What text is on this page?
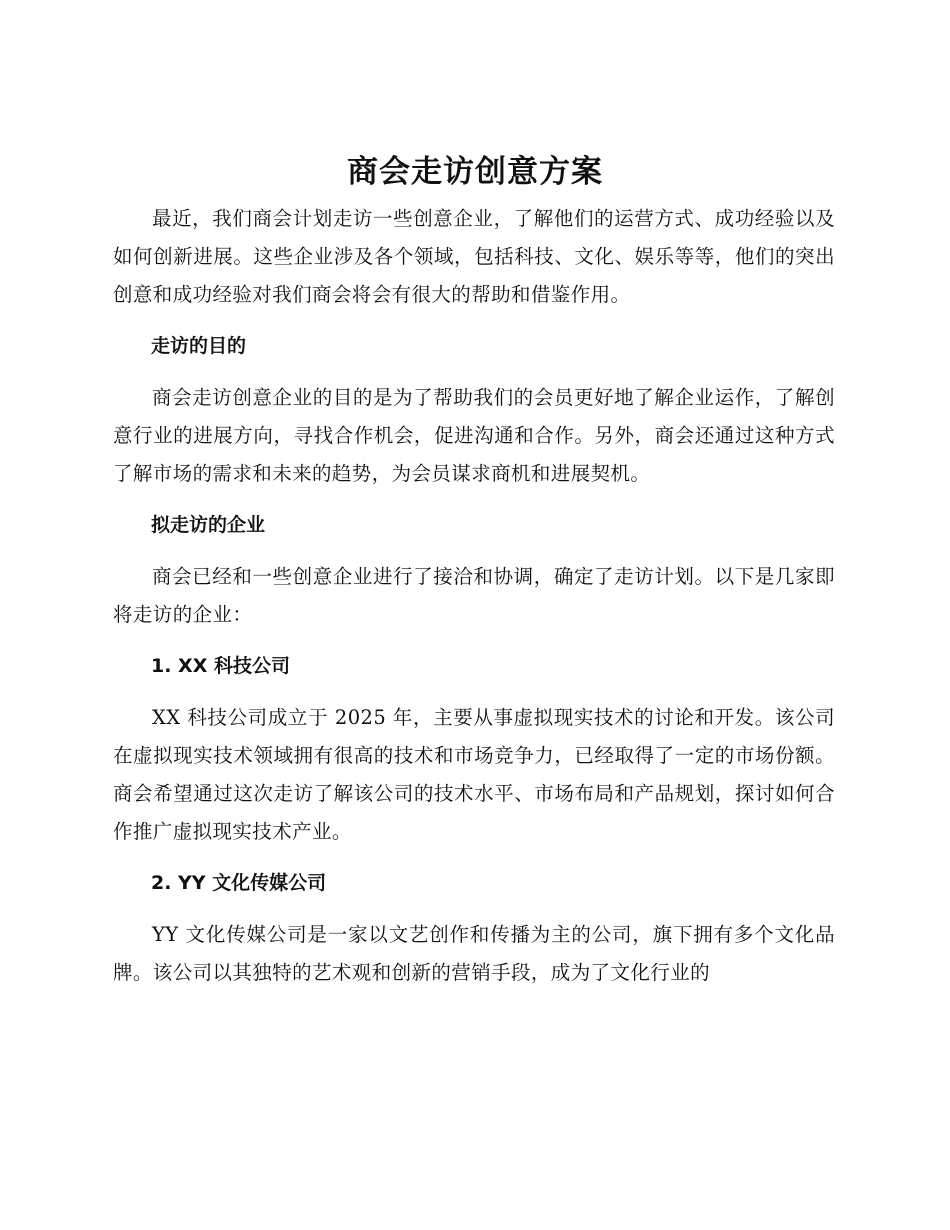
商会走访创意方案

最近，我们商会计划走访一些创意企业，了解他们的运营方式、成功经验以及如何创新进展。这些企业涉及各个领域，包括科技、文化、娱乐等等，他们的突出创意和成功经验对我们商会将会有很大的帮助和借鉴作用。

走访的目的

商会走访创意企业的目的是为了帮助我们的会员更好地了解企业运作，了解创意行业的进展方向，寻找合作机会，促进沟通和合作。另外，商会还通过这种方式了解市场的需求和未来的趋势，为会员谋求商机和进展契机。

拟走访的企业

商会已经和一些创意企业进行了接洽和协调，确定了走访计划。以下是几家即将走访的企业：

1. XX 科技公司

XX 科技公司成立于 2025 年，主要从事虚拟现实技术的讨论和开发。该公司在虚拟现实技术领域拥有很高的技术和市场竞争力，已经取得了一定的市场份额。商会希望通过这次走访了解该公司的技术水平、市场布局和产品规划，探讨如何合作推广虚拟现实技术产业。

2. YY 文化传媒公司

YY 文化传媒公司是一家以文艺创作和传播为主的公司，旗下拥有多个文化品牌。该公司以其独特的艺术观和创新的营销手段，成为了文化行业的
